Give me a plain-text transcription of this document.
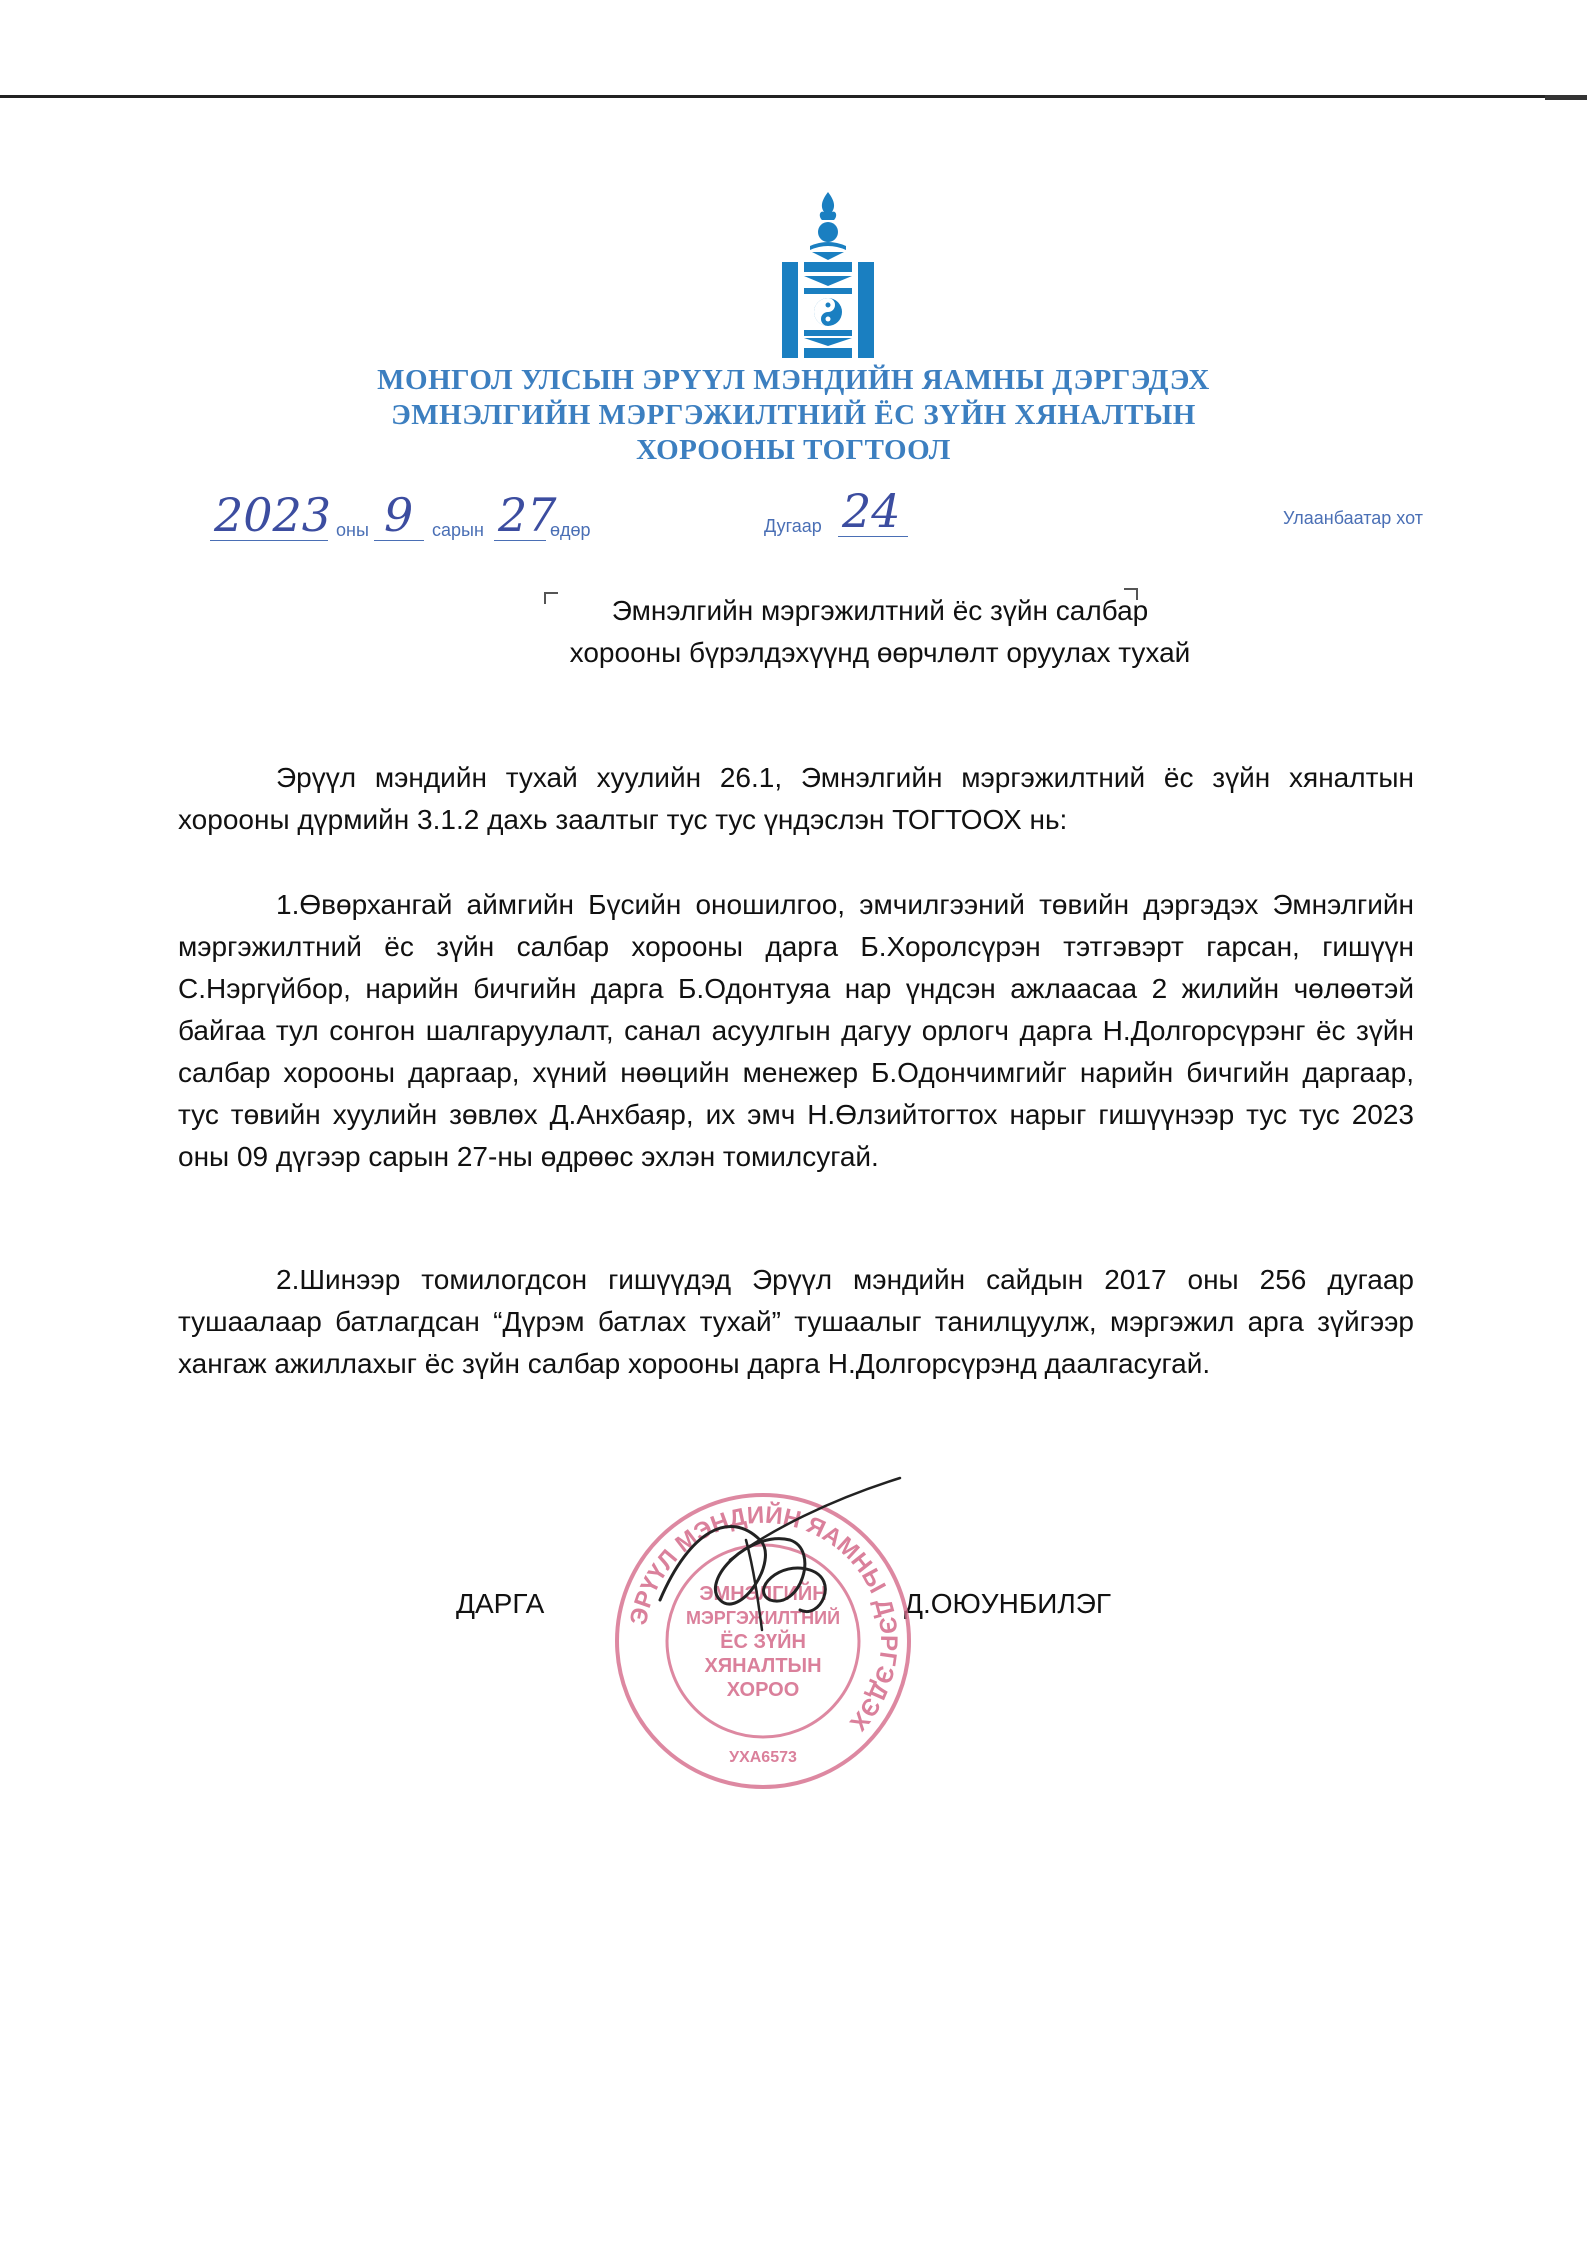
МОНГОЛ УЛСЫН ЭРҮҮЛ МЭНДИЙН ЯАМНЫ ДЭРГЭДЭХ
ЭМНЭЛГИЙН МЭРГЭЖИЛТНИЙ ЁС ЗҮЙН ХЯНАЛТЫН
ХОРООНЫ ТОГТООЛ
2023 оны 9 сарын 27
өдөр	Дугаар 24	Улаанбаатар хот
Эмнэлгийн мэргэжилтний ёс зүйн салбар
хорооны бүрэлдэхүүнд өөрчлөлт оруулах тухай

Эрүүл мэндийн тухай хуулийн 26.1, Эмнэлгийн мэргэжилтний ёс зүйн хяналтын хорооны дүрмийн 3.1.2 дахь заалтыг тус тус үндэслэн ТОГТООХ нь:

1.Өвөрхангай аймгийн Бүсийн оношилгоо, эмчилгээний төвийн дэргэдэх Эмнэлгийн мэргэжилтний ёс зүйн салбар хорооны дарга Б.Хоролсүрэн тэтгэвэрт гарсан, гишүүн С.Нэргүйбор, нарийн бичгийн дарга Б.Одонтуяа нар үндсэн ажлаасаа 2 жилийн чөлөөтэй байгаа тул сонгон шалгаруулалт, санал асуулгын дагуу орлогч дарга Н.Долгорсүрэнг ёс зүйн салбар хорооны даргаар, хүний нөөцийн менежер Б.Одончимгийг нарийн бичгийн даргаар, тус төвийн хуулийн зөвлөх Д.Анхбаяр, их эмч Н.Өлзийтогтох нарыг гишүүнээр тус тус 2023 оны 09 дүгээр сарын 27-ны өдрөөс эхлэн томилсугай.

2.Шинээр томилогдсон гишүүдэд Эрүүл мэндийн сайдын 2017 оны 256 дугаар тушаалаар батлагдсан “Дүрэм батлах тухай” тушаалыг танилцуулж, мэргэжил арга зүйгээр хангаж ажиллахыг ёс зүйн салбар хорооны дарга Н.Долгорсүрэнд даалгасугай.

ДАРГА	Д.ОЮУНБИЛЭГ
ЭРҮҮЛ МЭНДИЙН ЯАМНЫ ДЭРГЭДЭХ
ЭМНЭЛГИЙН
МЭРГЭЖИЛТНИЙ
ЁС ЗҮЙН
ХЯНАЛТЫН
ХОРОО
УХА6573
